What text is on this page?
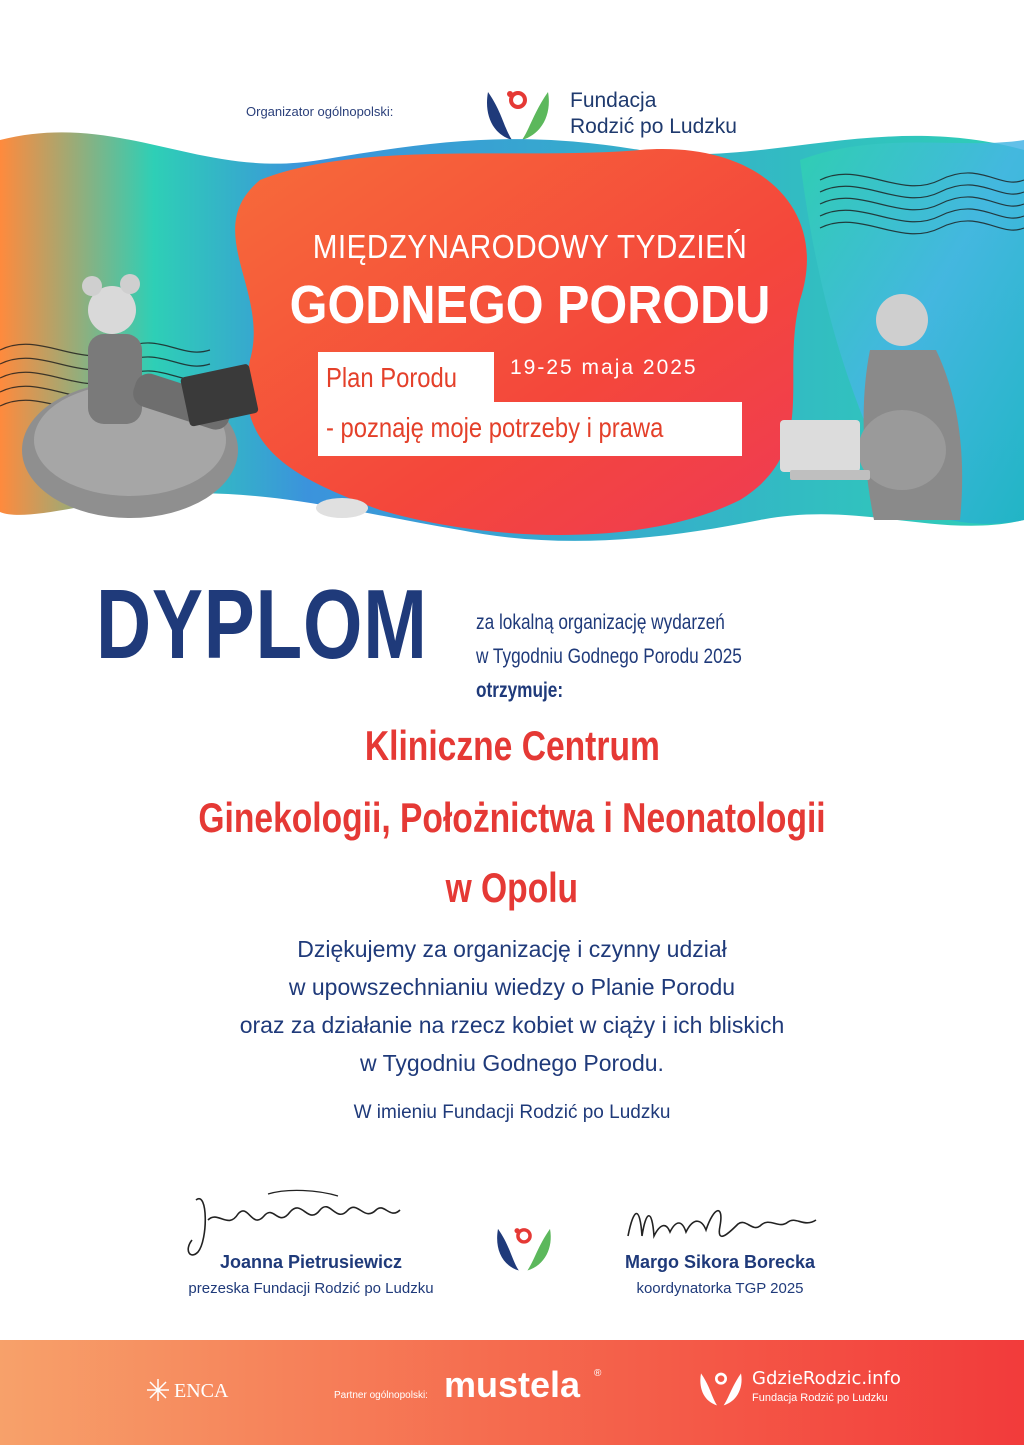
Organizator ogólnopolski:	Fundacja
Rodzić po Ludzku
MIĘDZYNARODOWY TYDZIEŃ
GODNEGO PORODU
Plan Porodu
- poznaję moje potrzeby i prawa
19-25 maja 2025
DYPLOM za lokalną organizację wydarzeń
w Tygodniu Godnego Porodu 2025
otrzymuje:
Kliniczne Centrum
Ginekologii, Położnictwa i Neonatologii
w Opolu
Dziękujemy za organizację i czynny udział
w upowszechnianiu wiedzy o Planie Porodu
oraz za działanie na rzecz kobiet w ciąży i ich bliskich
w Tygodniu Godnego Porodu.
W imieniu Fundacji Rodzić po Ludzku
Joanna Pietrusiewicz
prezeska Fundacji Rodzić po Ludzku
Margo Sikora Borecka
koordynatorka TGP 2025
ENCA	Partner ogólnopolski: mustela ®	GdzieRodzic.info
Fundacja Rodzić po Ludzku
